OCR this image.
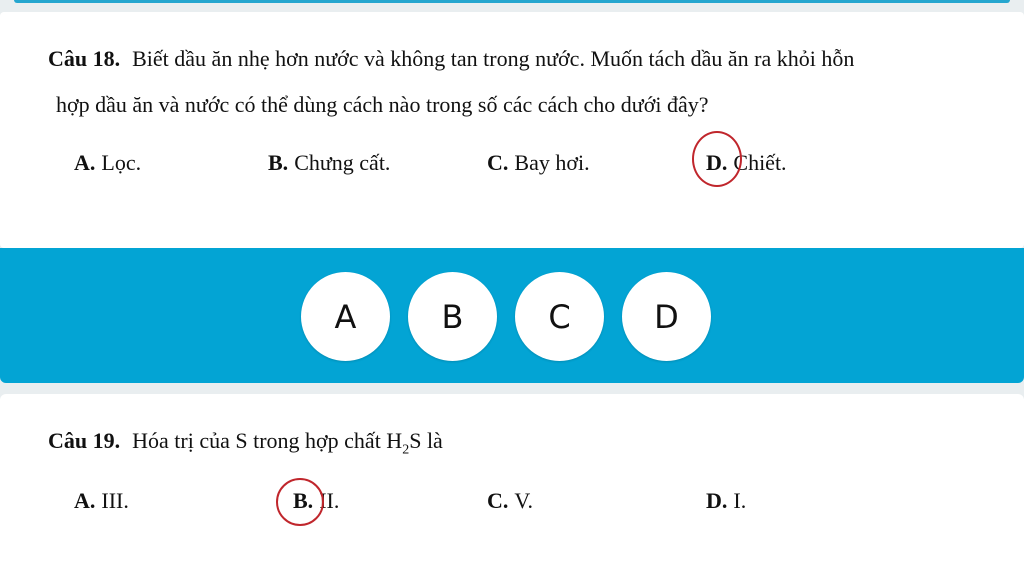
Câu 18. Biết dầu ăn nhẹ hơn nước và không tan trong nước. Muốn tách dầu ăn ra khỏi hỗn
hợp dầu ăn và nước có thể dùng cách nào trong số các cách cho dưới đây?
A. Lọc.	B. Chưng cất.	C. Bay hơi.	D. Chiết.
A	B	C	D
Câu 19. Hóa trị của S trong hợp chất $H_2S$ là
A. III.	B. II.	C. V.	D. I.
